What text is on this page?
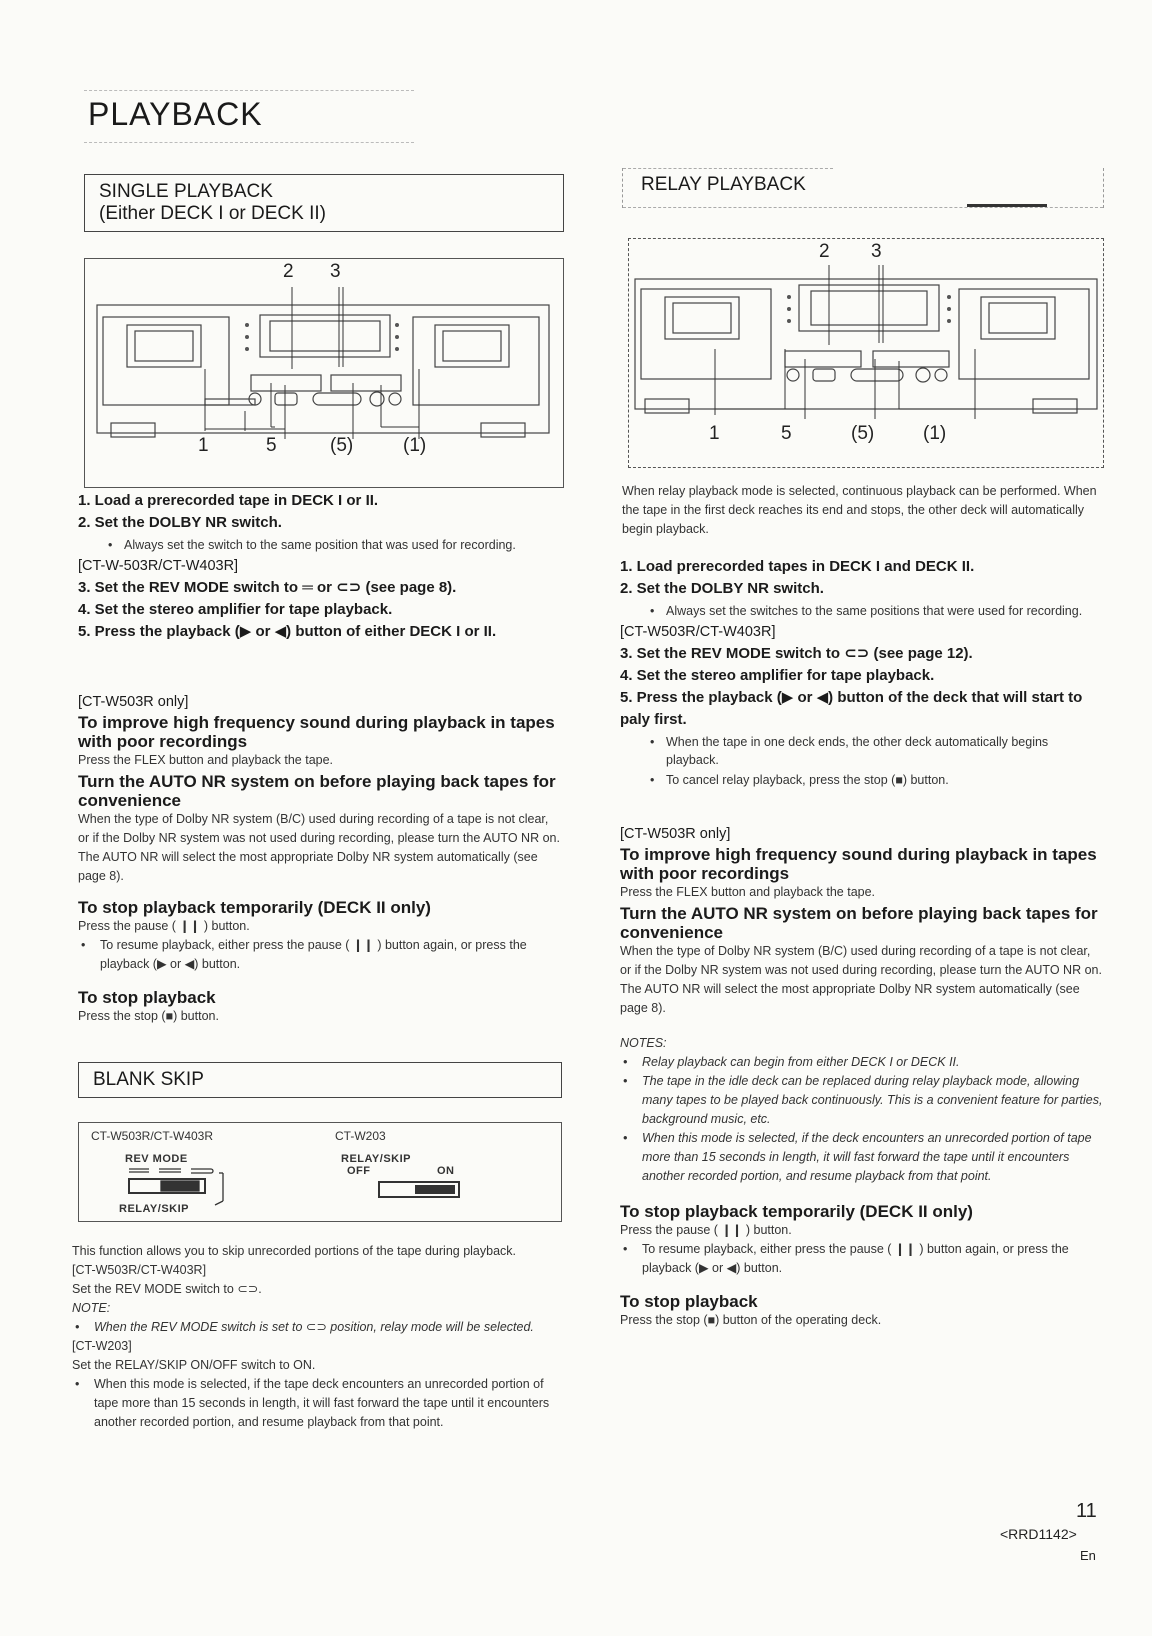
PLAYBACK
SINGLE PLAYBACK
(Either DECK I or DECK II)
2 3
1	5	(5)	(1)
1. Load a prerecorded tape in DECK I or II.
2. Set the DOLBY NR switch.
• Always set the switch to the same position that was used for recording.
[CT-W-503R/CT-W403R]
3. Set the REV MODE switch to ═ or ⊂⊃ (see page 8).
4. Set the stereo amplifier for tape playback.
5. Press the playback (▶ or ◀) button of either DECK I or II.
[CT-W503R only]
To improve high frequency sound during playback in tapes with poor recordings
Press the FLEX button and playback the tape.
Turn the AUTO NR system on before playing back tapes for convenience
When the type of Dolby NR system (B/C) used during recording of a tape is not clear, or if the Dolby NR system was not used during recording, please turn the AUTO NR on. The AUTO NR will select the most appropriate Dolby NR system automatically (see page 8).
To stop playback temporarily (DECK II only)
Press the pause ( ❙❙ ) button.
• To resume playback, either press the pause ( ❙❙ ) button again, or press the playback (▶ or ◀) button.
To stop playback
Press the stop (■) button.
BLANK SKIP
CT-W503R/CT-W403R	CT-W203
REV MODE
RELAY/SKIP
RELAY/SKIP
OFF	ON
This function allows you to skip unrecorded portions of the tape during playback.
[CT-W503R/CT-W403R]
Set the REV MODE switch to ⊂⊃.
NOTE:
• When the REV MODE switch is set to ⊂⊃ position, relay mode will be selected.
[CT-W203]
Set the RELAY/SKIP ON/OFF switch to ON.
• When this mode is selected, if the tape deck encounters an unrecorded portion of tape more than 15 seconds in length, it will fast forward the tape until it encounters another recorded portion, and resume playback from that point.
RELAY PLAYBACK
2 3
1	5	(5)	(1)
When relay playback mode is selected, continuous playback can be performed. When the tape in the first deck reaches its end and stops, the other deck will automatically begin playback.
1. Load prerecorded tapes in DECK I and DECK II.
2. Set the DOLBY NR switch.
• Always set the switches to the same positions that were used for recording.
[CT-W503R/CT-W403R]
3. Set the REV MODE switch to ⊂⊃ (see page 12).
4. Set the stereo amplifier for tape playback.
5. Press the playback (▶ or ◀) button of the deck that will start to paly first.
• When the tape in one deck ends, the other deck automatically begins playback.
• To cancel relay playback, press the stop (■) button.
[CT-W503R only]
To improve high frequency sound during playback in tapes with poor recordings
Press the FLEX button and playback the tape.
Turn the AUTO NR system on before playing back tapes for convenience
When the type of Dolby NR system (B/C) used during recording of a tape is not clear, or if the Dolby NR system was not used during recording, please turn the AUTO NR on. The AUTO NR will select the most appropriate Dolby NR system automatically (see page 8).
NOTES:
• Relay playback can begin from either DECK I or DECK II.
• The tape in the idle deck can be replaced during relay playback mode, allowing many tapes to be played back continuously. This is a convenient feature for parties, background music, etc.
• When this mode is selected, if the deck encounters an unrecorded portion of tape more than 15 seconds in length, it will fast forward the tape until it encounters another recorded portion, and resume playback from that point.
To stop playback temporarily (DECK II only)
Press the pause ( ❙❙ ) button.
• To resume playback, either press the pause ( ❙❙ ) button again, or press the playback (▶ or ◀) button.
To stop playback
Press the stop (■) button of the operating deck.
11
<RRD1142>
En
